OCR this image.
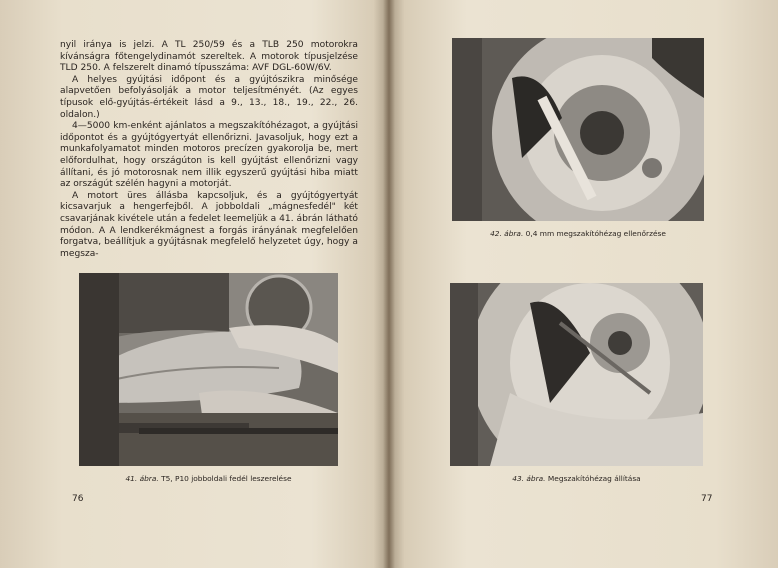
nyil iránya is jelzi. A TL 250/59 és a TLB 250 motorokra kívánságra főtengelydinamót szereltek. A motorok típusjelzése TLD 250. A felszerelt dinamó típusszáma: AVF DGL-60W/6V.

A helyes gyújtási időpont és a gyújtószikra minősége alapvetően befolyásolják a motor teljesítményét. (Az egyes típusok elő-gyújtás-értékeit lásd a 9., 13., 18., 19., 22., 26. oldalon.)

4—5000 km-enként ajánlatos a megszakítóhézagot, a gyújtási időpontot és a gyújtógyertyát ellenőrizni. Javasoljuk, hogy ezt a munkafolyamatot minden motoros precízen gyakorolja be, mert előfordulhat, hogy országúton is kell gyújtást ellenőrizni vagy állítani, és jó motorosnak nem illik egyszerű gyújtási hiba miatt az országút szélén hagyni a motorját.

A motort üres állásba kapcsoljuk, és a gyújtógyertyát kicsavarjuk a hengerfejből. A jobboldali „mágnesfedél" két csavarjának kivétele után a fedelet leemeljük a 41. ábrán látható módon. A A lendkerékmágnest a forgás irányának megfelelően forgatva, beállítjuk a gyújtásnak megfelelő helyzetet úgy, hogy a megsza-

41. ábra. T5, P10 jobboldali fedél leszerelése
76
42. ábra. 0,4 mm megszakítóhézag ellenőrzése
43. ábra. Megszakítóhézag állítása
77
